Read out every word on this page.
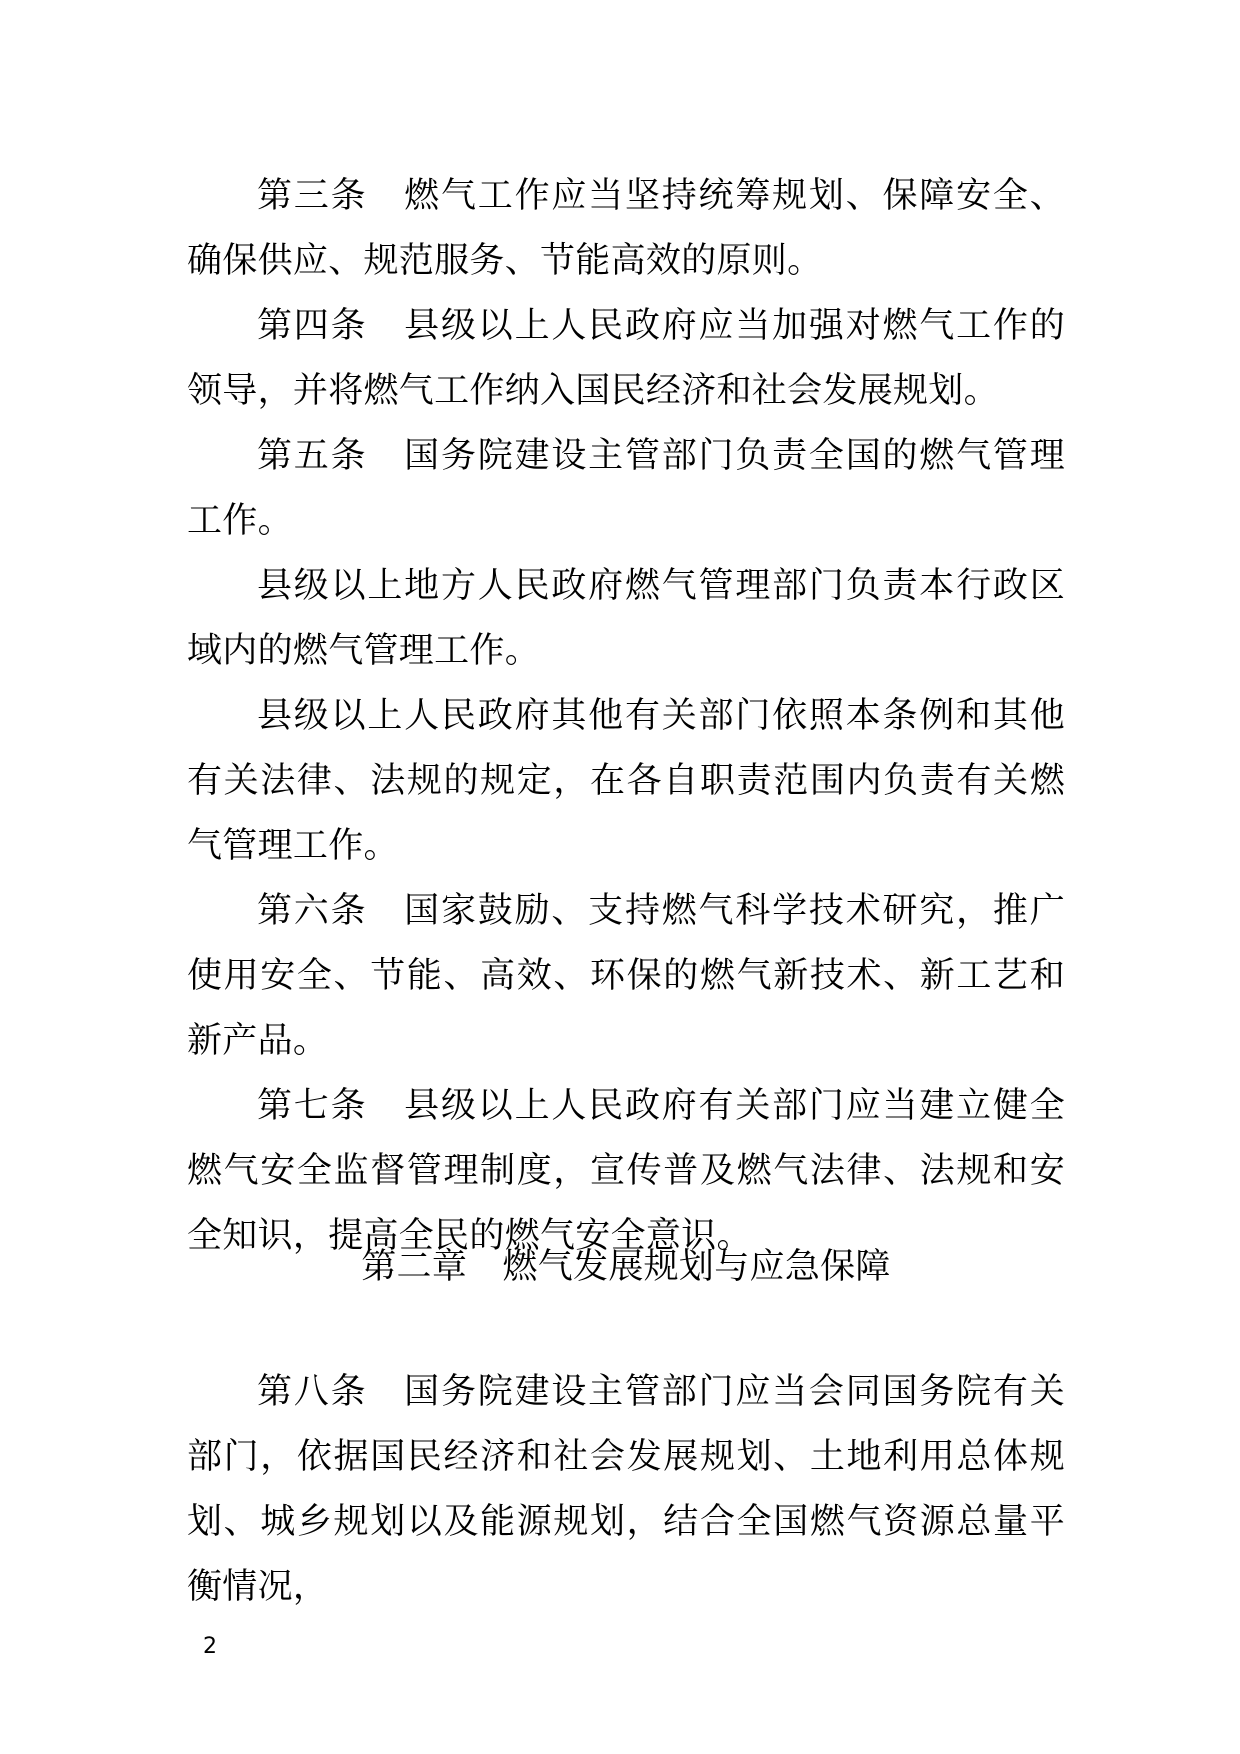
第三条　燃气工作应当坚持统筹规划、保障安全、确保供应、规范服务、节能高效的原则。

第四条　县级以上人民政府应当加强对燃气工作的领导，并将燃气工作纳入国民经济和社会发展规划。

第五条　国务院建设主管部门负责全国的燃气管理工作。

县级以上地方人民政府燃气管理部门负责本行政区域内的燃气管理工作。

县级以上人民政府其他有关部门依照本条例和其他有关法律、法规的规定，在各自职责范围内负责有关燃气管理工作。

第六条　国家鼓励、支持燃气科学技术研究，推广使用安全、节能、高效、环保的燃气新技术、新工艺和新产品。

第七条　县级以上人民政府有关部门应当建立健全燃气安全监督管理制度，宣传普及燃气法律、法规和安全知识，提高全民的燃气安全意识。

第二章　燃气发展规划与应急保障

第八条　国务院建设主管部门应当会同国务院有关部门，依据国民经济和社会发展规划、土地利用总体规划、城乡规划以及能源规划，结合全国燃气资源总量平衡情况，

2
